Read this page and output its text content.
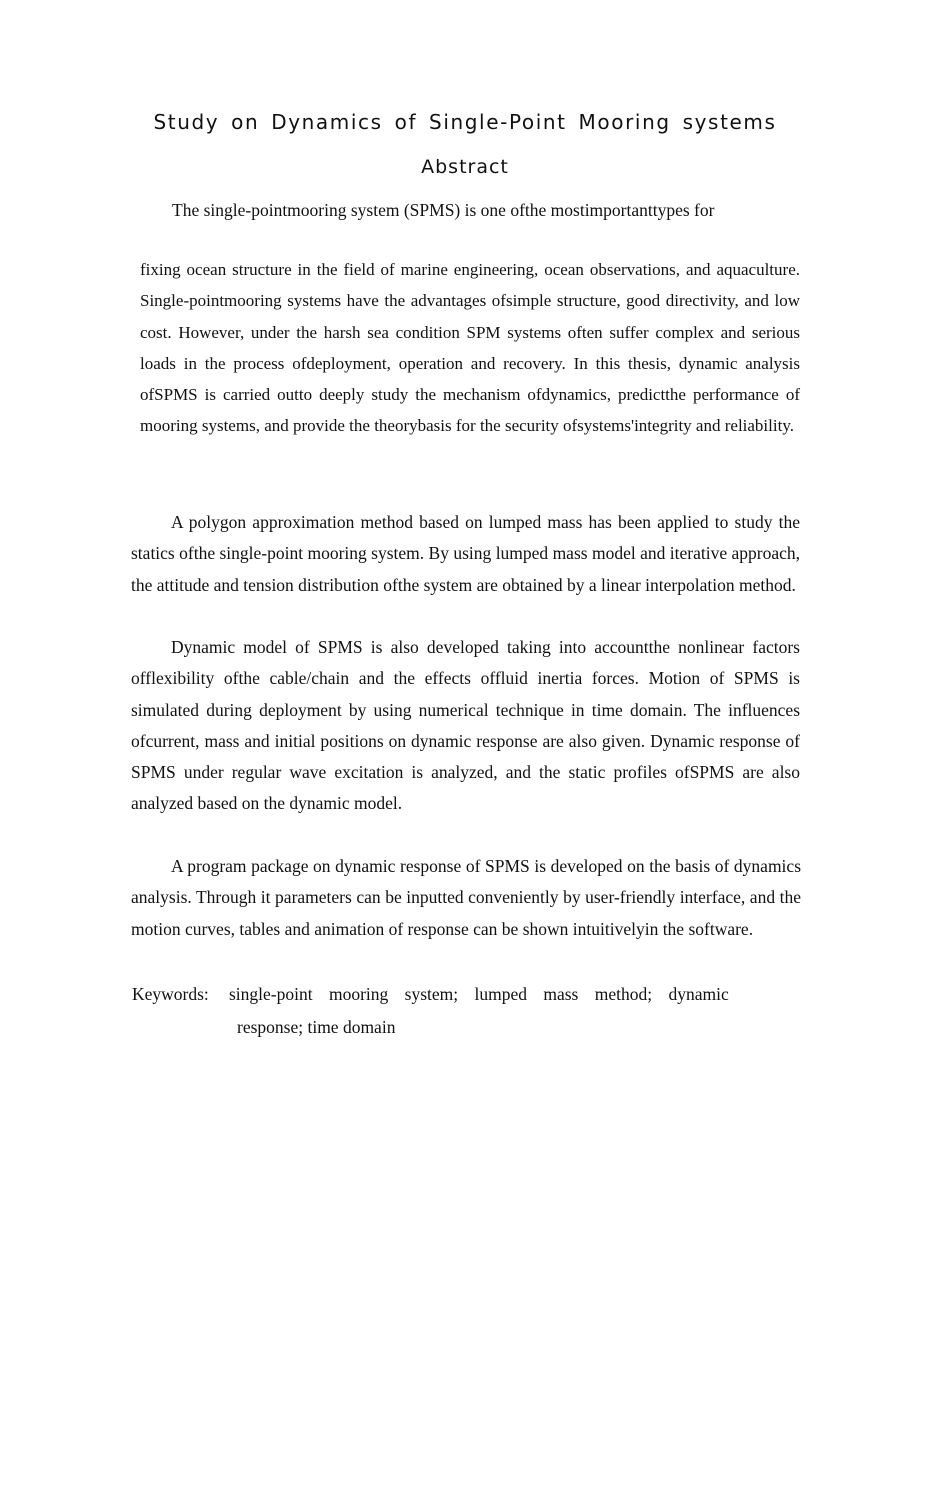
Study on Dynamics of Single-Point Mooring systems
Abstract

The single-pointmooring system (SPMS) is one ofthe mostimportanttypes for

fixing ocean structure in the field of marine engineering, ocean observations, and aquaculture. Single-pointmooring systems have the advantages ofsimple structure, good directivity, and low cost. However, under the harsh sea condition SPM systems often suffer complex and serious loads in the process ofdeployment, operation and recovery. In this thesis, dynamic analysis ofSPMS is carried outto deeply study the mechanism ofdynamics, predictthe performance of mooring systems, and provide the theorybasis for the security ofsystems'integrity and reliability.

A polygon approximation method based on lumped mass has been applied to study the statics ofthe single-point mooring system. By using lumped mass model and iterative approach, the attitude and tension distribution ofthe system are obtained by a linear interpolation method.

Dynamic model of SPMS is also developed taking into accountthe nonlinear factors offlexibility ofthe cable/chain and the effects offluid inertia forces. Motion of SPMS is simulated during deployment by using numerical technique in time domain. The influences ofcurrent, mass and initial positions on dynamic response are also given. Dynamic response of SPMS under regular wave excitation is analyzed, and the static profiles ofSPMS are also analyzed based on the dynamic model.

A program package on dynamic response of SPMS is developed on the basis of dynamics analysis. Through it parameters can be inputted conveniently by user-friendly interface, and the motion curves, tables and animation of response can be shown intuitivelyin the software.

Keywords: single-point mooring system; lumped mass method; dynamic
response; time domain
